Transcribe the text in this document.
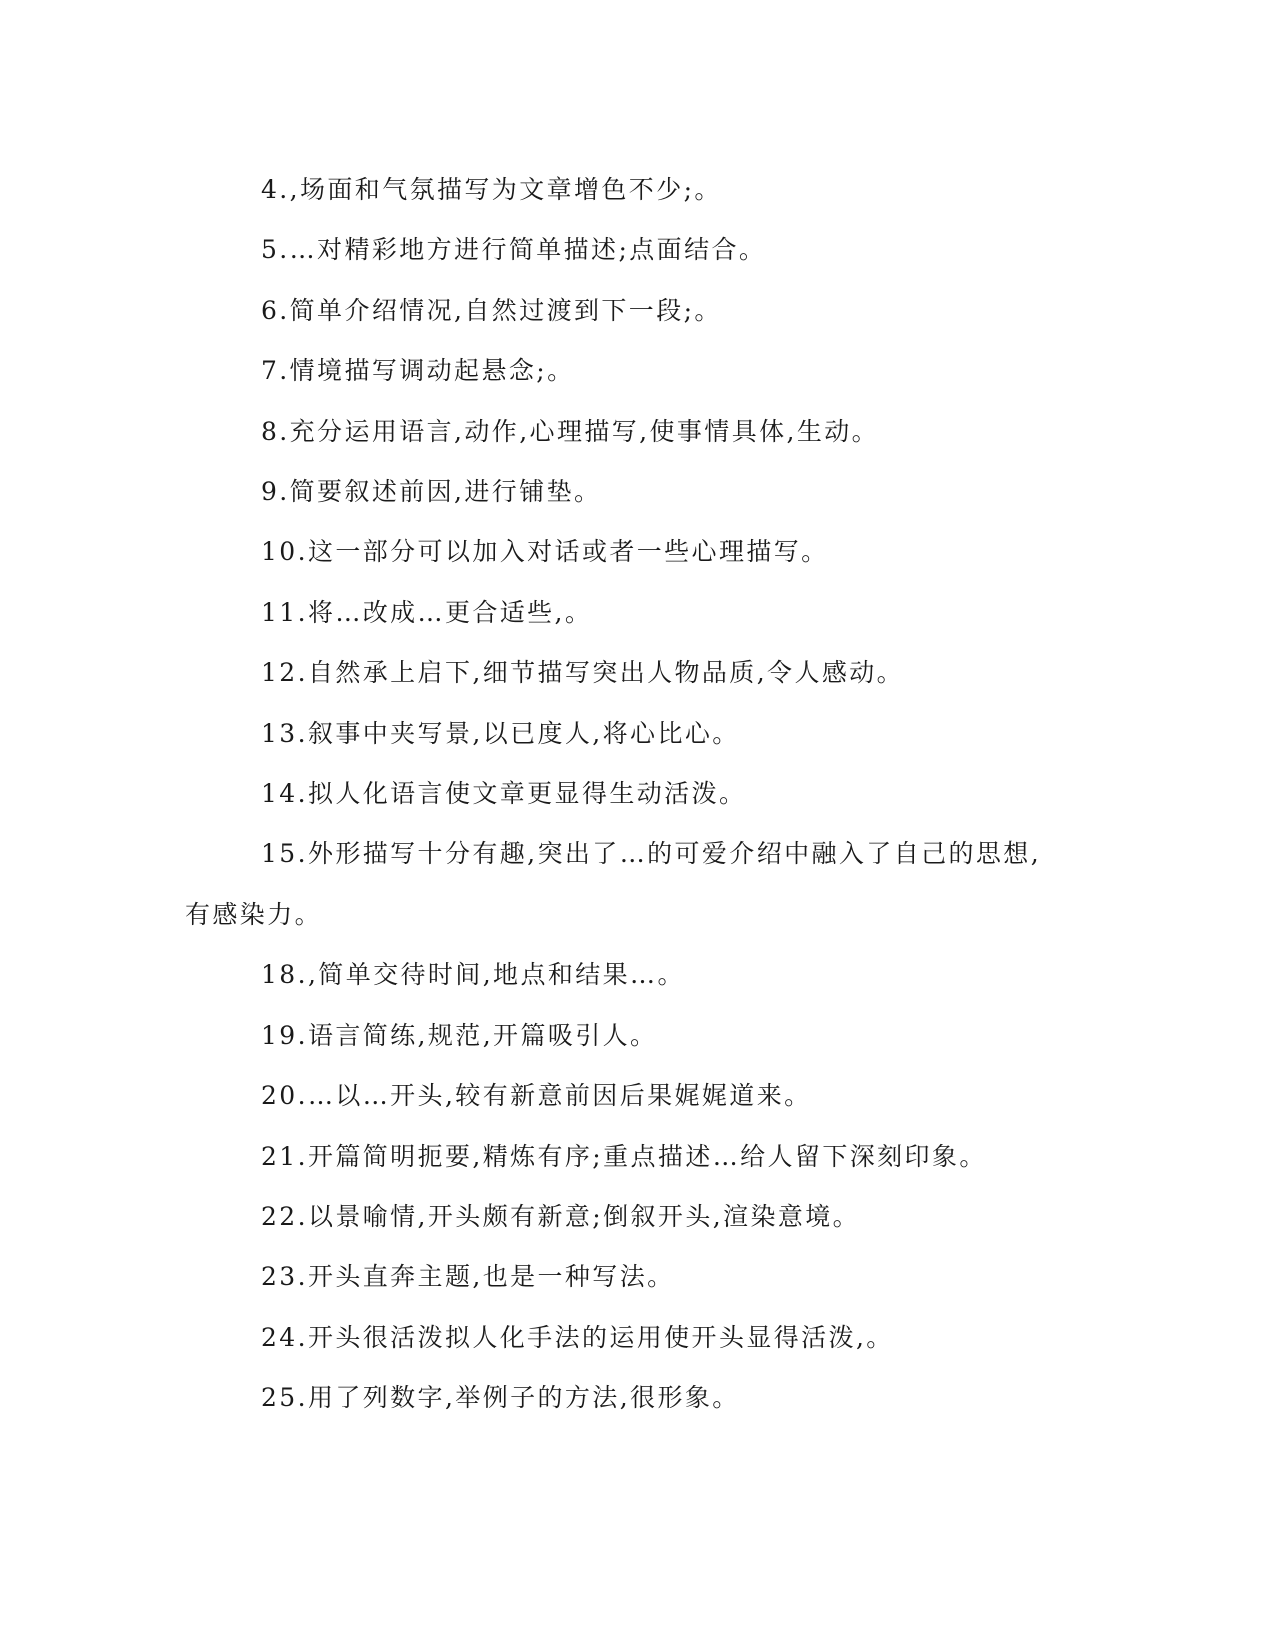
4.,场面和气氛描写为文章增色不少;。

5.…对精彩地方进行简单描述;点面结合。

6.简单介绍情况,自然过渡到下一段;。

7.情境描写调动起悬念;。

8.充分运用语言,动作,心理描写,使事情具体,生动。

9.简要叙述前因,进行铺垫。

10.这一部分可以加入对话或者一些心理描写。

11.将…改成…更合适些,。

12.自然承上启下,细节描写突出人物品质,令人感动。

13.叙事中夹写景,以已度人,将心比心。

14.拟人化语言使文章更显得生动活泼。

15.外形描写十分有趣,突出了…的可爱介绍中融入了自己的思想,有感染力。

18.,简单交待时间,地点和结果…。

19.语言简练,规范,开篇吸引人。

20.…以…开头,较有新意前因后果娓娓道来。

21.开篇简明扼要,精炼有序;重点描述…给人留下深刻印象。

22.以景喻情,开头颇有新意;倒叙开头,渲染意境。

23.开头直奔主题,也是一种写法。

24.开头很活泼拟人化手法的运用使开头显得活泼,。

25.用了列数字,举例子的方法,很形象。
